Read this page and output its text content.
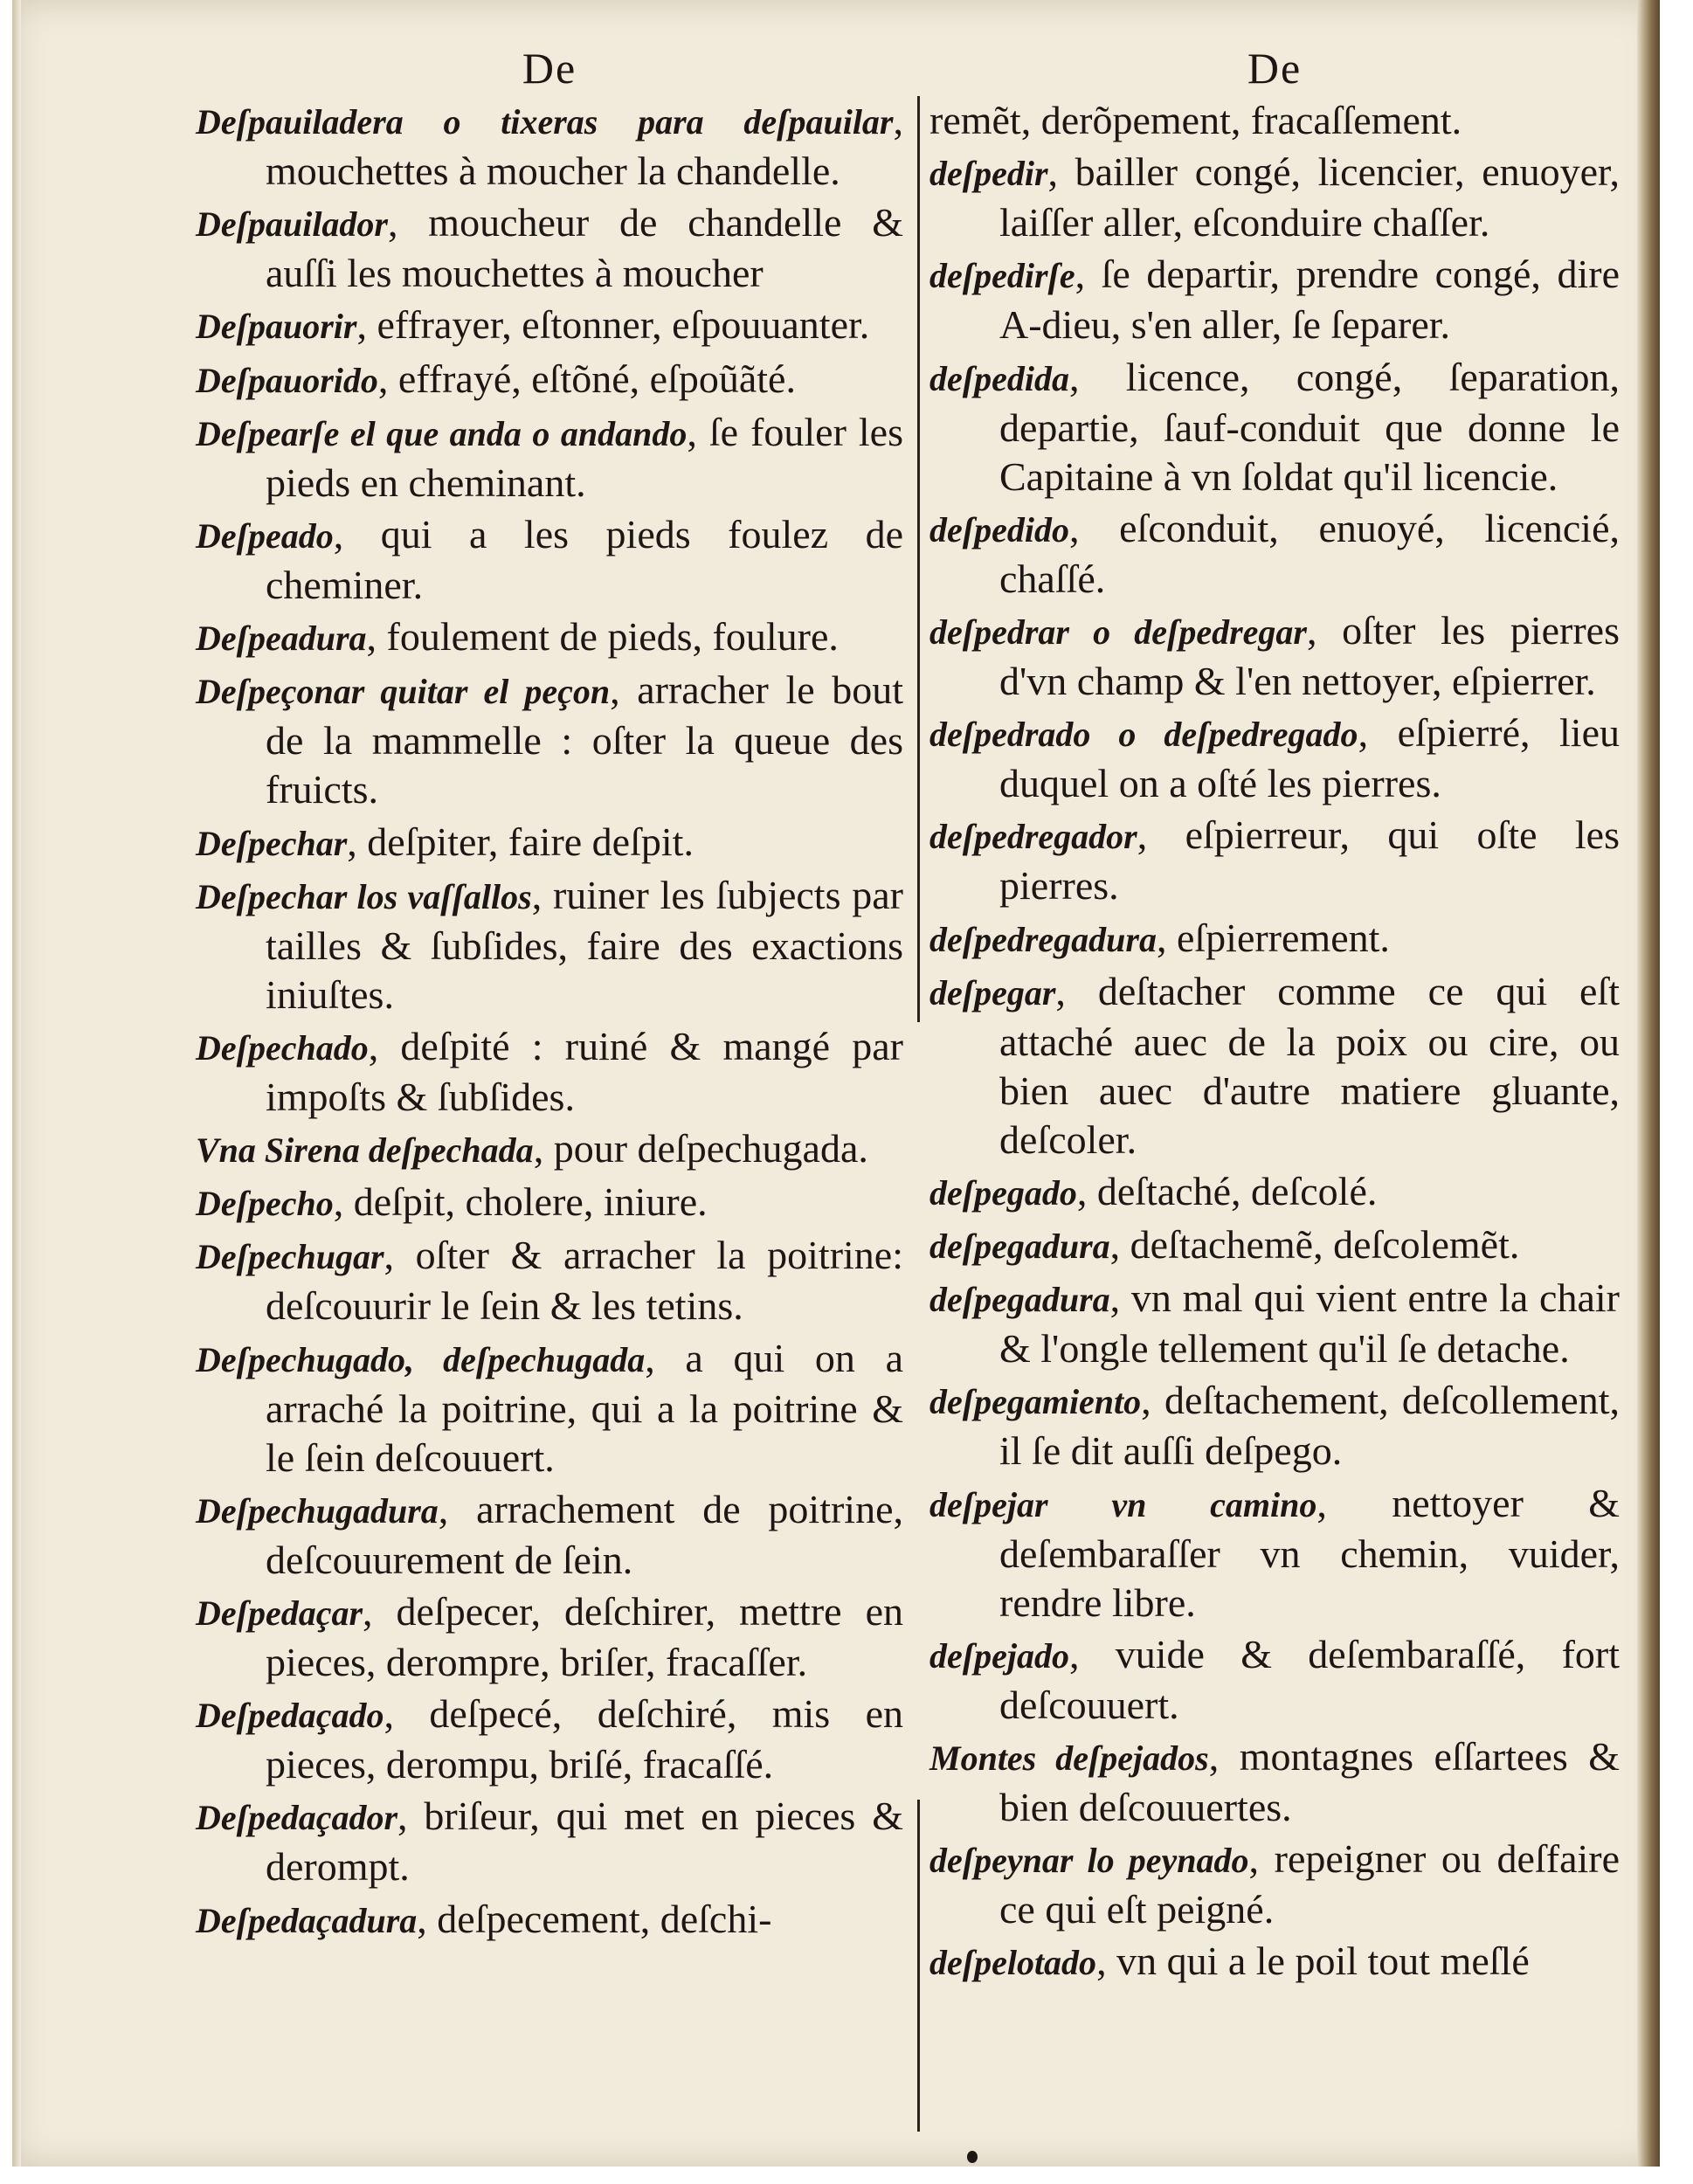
De

Deſpauiladera o tixeras para deſpauilar, mouchettes à moucher la chandelle.

Deſpauilador, moucheur de chandelle & auſſi les mouchettes à moucher

Deſpauorir, effrayer, eſtonner, eſpouuanter.

Deſpauorido, effrayé, eſtõné, eſpoũãté.

Deſpearſe el que anda o andando, ſe fouler les pieds en cheminant.

Deſpeado, qui a les pieds foulez de cheminer.

Deſpeadura, foulement de pieds, foulure.

Deſpeçonar quitar el peçon, arracher le bout de la mammelle : oſter la queue des fruicts.

Deſpechar, deſpiter, faire deſpit.

Deſpechar los vaſſallos, ruiner les ſubjects par tailles & ſubſides, faire des exactions iniuſtes.

Deſpechado, deſpité : ruiné & mangé par impoſts & ſubſides.

Vna Sirena deſpechada, pour deſpechugada.

Deſpecho, deſpit, cholere, iniure.

Deſpechugar, oſter & arracher la poitrine: deſcouurir le ſein & les tetins.

Deſpechugado, deſpechugada, a qui on a arraché la poitrine, qui a la poitrine & le ſein deſcouuert.

Deſpechugadura, arrachement de poitrine, deſcouurement de ſein.

Deſpedaçar, deſpecer, deſchirer, mettre en pieces, derompre, briſer, fracaſſer.

Deſpedaçado, deſpecé, deſchiré, mis en pieces, derompu, briſé, fracaſſé.

Deſpedaçador, briſeur, qui met en pieces & derompt.

Deſpedaçadura, deſpecement, deſchi-

De

remẽt, derõpement, fracaſſement.

deſpedir, bailler congé, licencier, enuoyer, laiſſer aller, eſconduire chaſſer.

deſpedirſe, ſe departir, prendre congé, dire A-dieu, s'en aller, ſe ſeparer.

deſpedida, licence, congé, ſeparation, departie, ſauf-conduit que donne le Capitaine à vn ſoldat qu'il licencie.

deſpedido, eſconduit, enuoyé, licencié, chaſſé.

deſpedrar o deſpedregar, oſter les pierres d'vn champ & l'en nettoyer, eſpierrer.

deſpedrado o deſpedregado, eſpierré, lieu duquel on a oſté les pierres.

deſpedregador, eſpierreur, qui oſte les pierres.

deſpedregadura, eſpierrement.

deſpegar, deſtacher comme ce qui eſt attaché auec de la poix ou cire, ou bien auec d'autre matiere gluante, deſcoler.

deſpegado, deſtaché, deſcolé.

deſpegadura, deſtachemẽ, deſcolemẽt.

deſpegadura, vn mal qui vient entre la chair & l'ongle tellement qu'il ſe detache.

deſpegamiento, deſtachement, deſcollement, il ſe dit auſſi deſpego.

deſpejar vn camino, nettoyer & deſembaraſſer vn chemin, vuider, rendre libre.

deſpejado, vuide & deſembaraſſé, fort deſcouuert.

Montes deſpejados, montagnes eſſartees & bien deſcouuertes.

deſpeynar lo peynado, repeigner ou deſfaire ce qui eſt peigné.

deſpelotado, vn qui a le poil tout meſlé
